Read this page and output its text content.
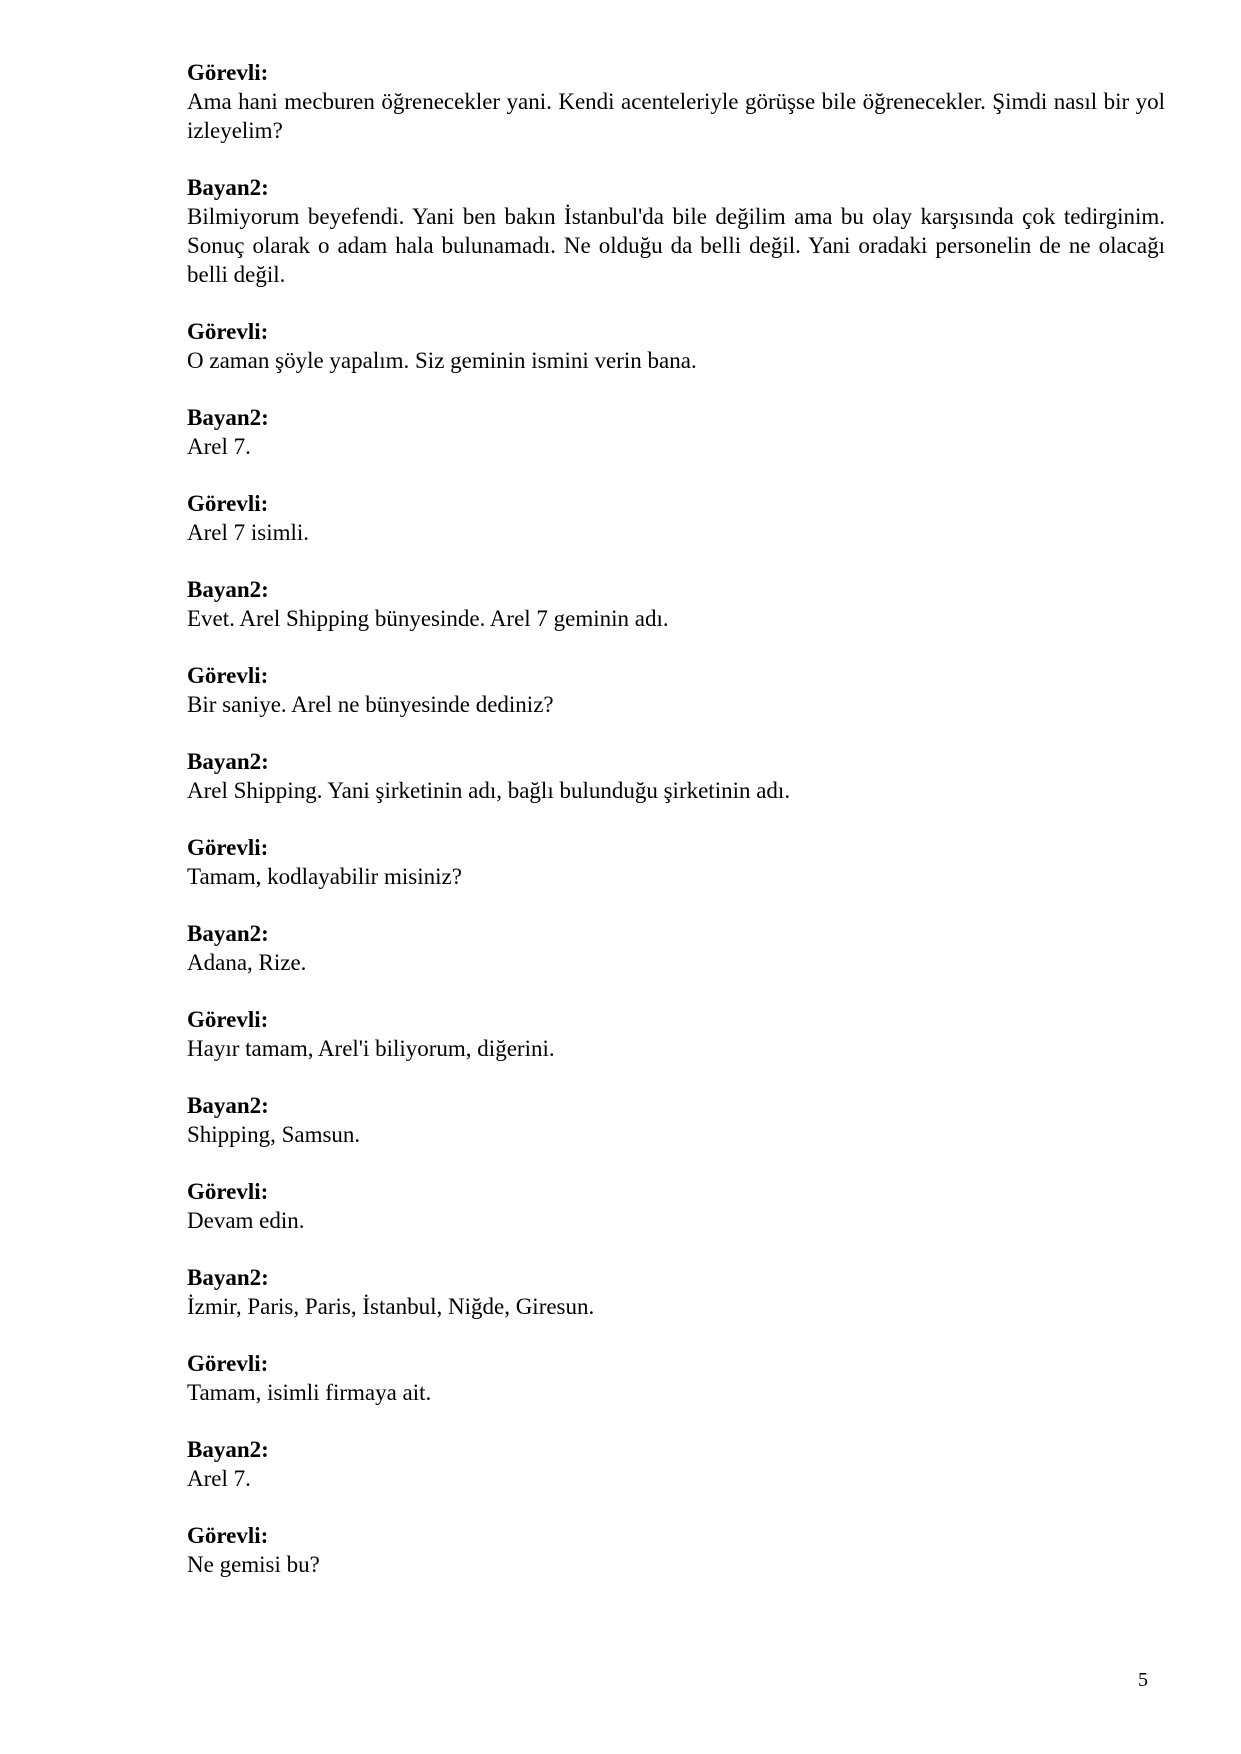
Görevli:
Ama hani mecburen öğrenecekler yani. Kendi acenteleriyle görüşse bile öğrenecekler. Şimdi nasıl bir yol izleyelim?
Bayan2:
Bilmiyorum beyefendi. Yani ben bakın İstanbul'da bile değilim ama bu olay karşısında çok tedirginim. Sonuç olarak o adam hala bulunamadı. Ne olduğu da belli değil. Yani oradaki personelin de ne olacağı belli değil.
Görevli:
O zaman şöyle yapalım. Siz geminin ismini verin bana.
Bayan2:
Arel 7.
Görevli:
Arel 7 isimli.
Bayan2:
Evet. Arel Shipping bünyesinde. Arel 7 geminin adı.
Görevli:
Bir saniye. Arel ne bünyesinde dediniz?
Bayan2:
Arel Shipping. Yani şirketinin adı, bağlı bulunduğu şirketinin adı.
Görevli:
Tamam, kodlayabilir misiniz?
Bayan2:
Adana, Rize.
Görevli:
Hayır tamam, Arel'i biliyorum, diğerini.
Bayan2:
Shipping, Samsun.
Görevli:
Devam edin.
Bayan2:
İzmir, Paris, Paris, İstanbul, Niğde, Giresun.
Görevli:
Tamam, isimli firmaya ait.
Bayan2:
Arel 7.
Görevli:
Ne gemisi bu?
5
